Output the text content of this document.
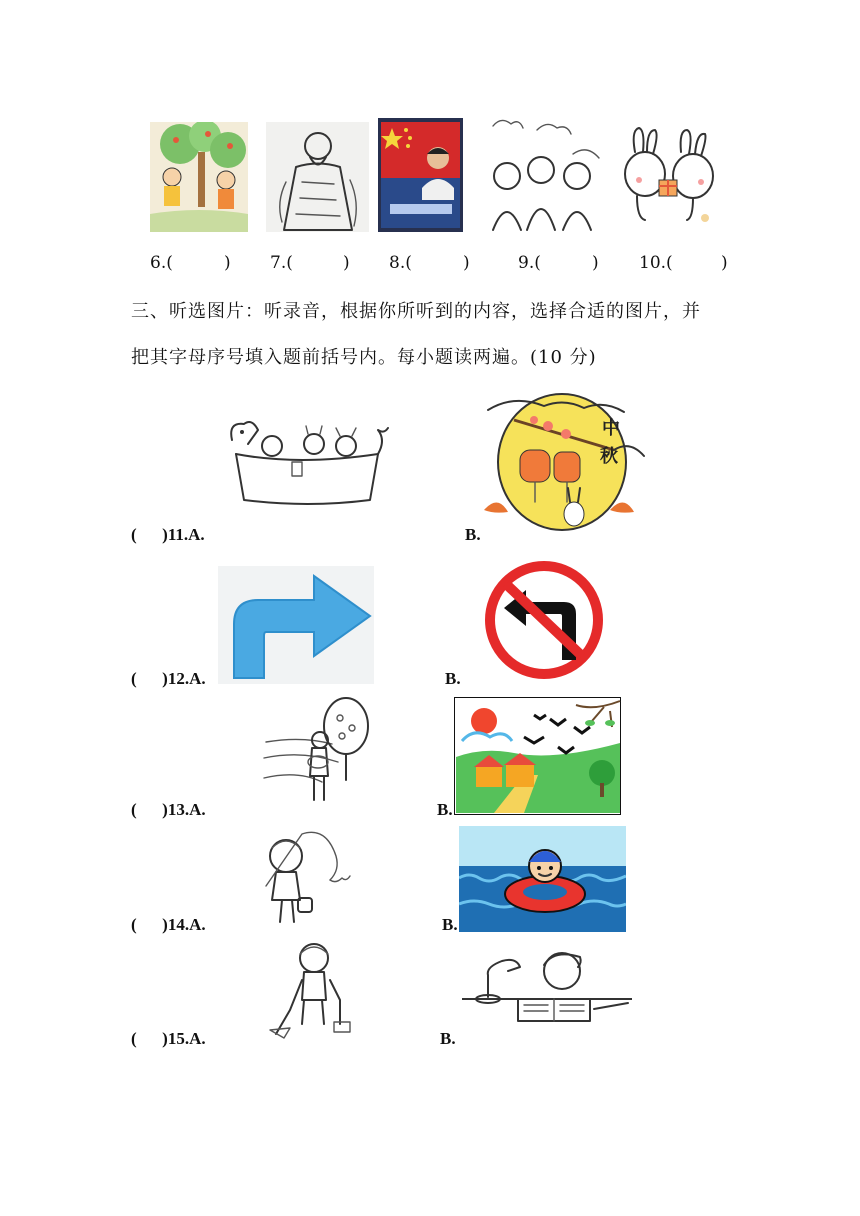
6.(	) 7.(	) 8.(	)	9.(	) 10.(	)
三、听选图片：听录音，根据你所听到的内容，选择合适的图片，并
把其字母序号填入题前括号内。每小题读两遍。(10 分)
中
秋
(      )11.A.	B.
(      )12.A.	B.
(      )13.A.	B.
(      )14.A.	B.
(      )15.A.	B.
